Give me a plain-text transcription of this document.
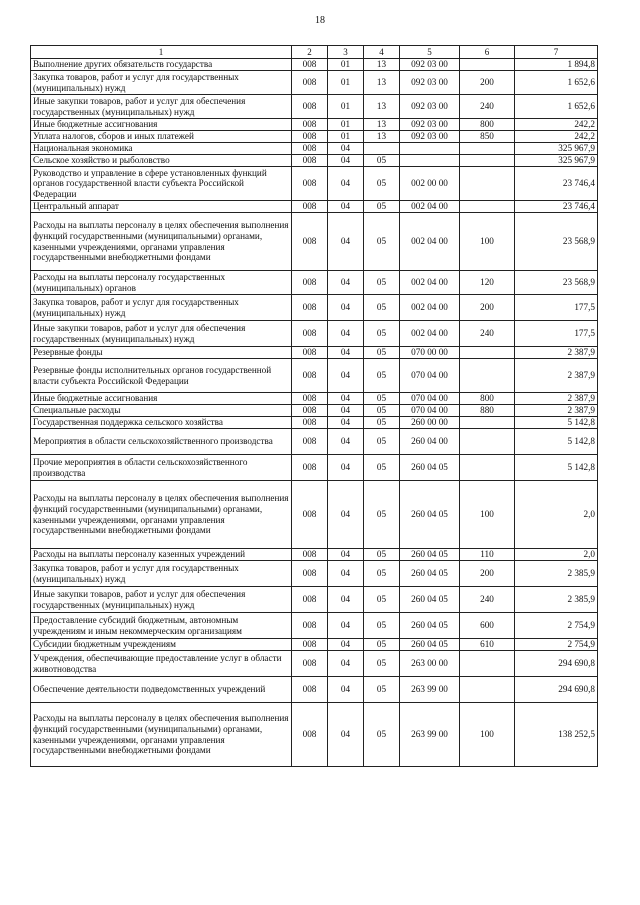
18
1	2	3	4	5	6	7
Выполнение других обязательств государства	008	01	13	092 03 00		1 894,8
Закупка товаров, работ и услуг для государственных (муниципальных) нужд	008	01	13	092 03 00	200	1 652,6
Иные закупки товаров, работ и услуг для обеспечения государственных (муниципальных) нужд	008	01	13	092 03 00	240	1 652,6
Иные бюджетные ассигнования	008	01	13	092 03 00	800	242,2
Уплата налогов, сборов и иных платежей	008	01	13	092 03 00	850	242,2
Национальная экономика	008	04				325 967,9
Сельское хозяйство и рыболовство	008	04	05			325 967,9
Руководство и управление в сфере установленных функций органов государственной власти субъекта Российской Федерации	008	04	05	002 00 00		23 746,4
Центральный аппарат	008	04	05	002 04 00		23 746,4
Расходы на выплаты персоналу в целях обеспечения выполнения функций государственными (муниципальными) органами, казенными учреждениями, органами управления государственными внебюджетными фондами	008	04	05	002 04 00	100	23 568,9
Расходы на выплаты персоналу государственных (муниципальных) органов	008	04	05	002 04 00	120	23 568,9
Закупка товаров, работ и услуг для государственных (муниципальных) нужд	008	04	05	002 04 00	200	177,5
Иные закупки товаров, работ и услуг для обеспечения государственных (муниципальных) нужд	008	04	05	002 04 00	240	177,5
Резервные фонды	008	04	05	070 00 00		2 387,9
Резервные фонды исполнительных органов государственной власти субъекта Российской Федерации	008	04	05	070 04 00		2 387,9
Иные бюджетные ассигнования	008	04	05	070 04 00	800	2 387,9
Специальные расходы	008	04	05	070 04 00	880	2 387,9
Государственная поддержка сельского хозяйства	008	04	05	260 00 00		5 142,8
Мероприятия в области сельскохозяйственного производства	008	04	05	260 04 00		5 142,8
Прочие мероприятия в области сельскохозяйственного производства	008	04	05	260 04 05		5 142,8
Расходы на выплаты персоналу в целях обеспечения выполнения функций государственными (муниципальными) органами, казенными учреждениями, органами управления государственными внебюджетными фондами	008	04	05	260 04 05	100	2,0
Расходы на выплаты персоналу казенных учреждений	008	04	05	260 04 05	110	2,0
Закупка товаров, работ и услуг для государственных (муниципальных) нужд	008	04	05	260 04 05	200	2 385,9
Иные закупки товаров, работ и услуг для обеспечения государственных (муниципальных) нужд	008	04	05	260 04 05	240	2 385,9
Предоставление субсидий бюджетным, автономным учреждениям и иным некоммерческим организациям	008	04	05	260 04 05	600	2 754,9
Субсидии бюджетным учреждениям	008	04	05	260 04 05	610	2 754,9
Учреждения, обеспечивающие предоставление услуг в области животноводства	008	04	05	263 00 00		294 690,8
Обеспечение деятельности подведомственных учреждений	008	04	05	263 99 00		294 690,8
Расходы на выплаты персоналу в целях обеспечения выполнения функций государственными (муниципальными) органами, казенными учреждениями, органами управления государственными внебюджетными фондами	008	04	05	263 99 00	100	138 252,5
